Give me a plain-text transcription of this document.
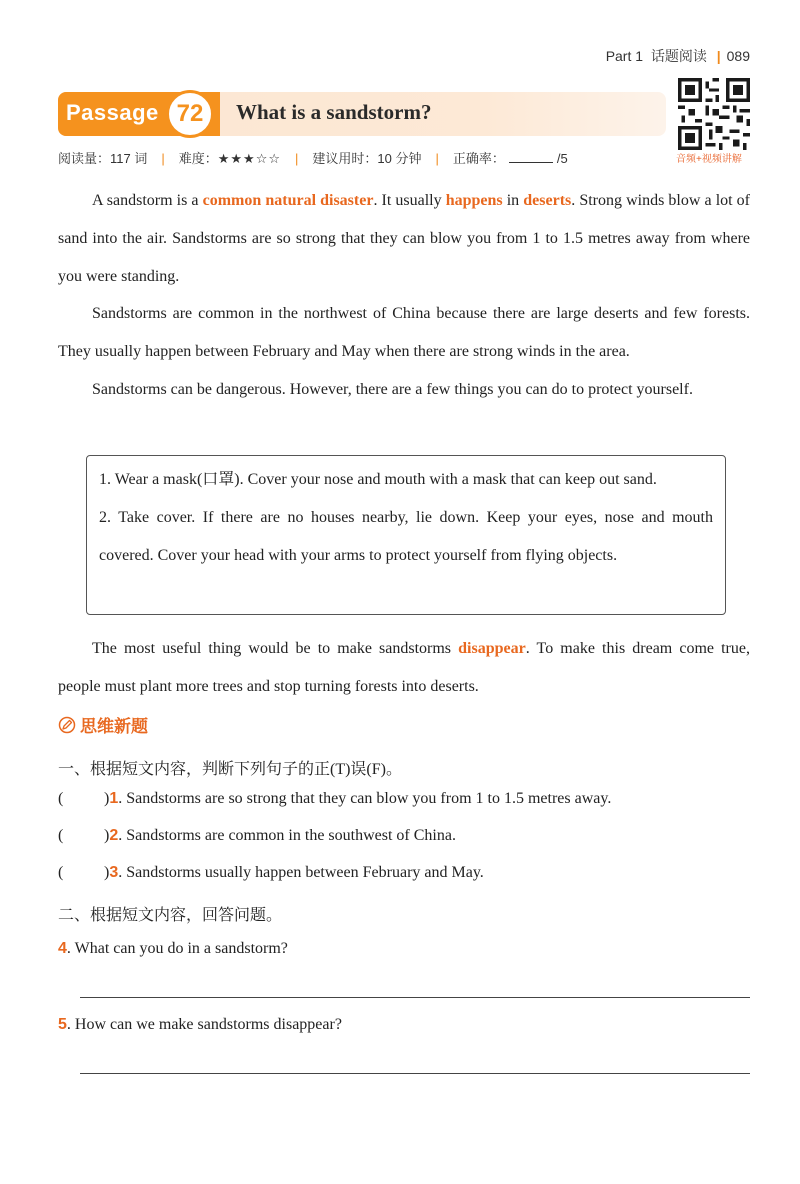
Part 1 话题阅读 | 089
Passage 72	What is a sandstorm?
音频+视频讲解
阅读量：117 词 | 难度：★★★☆☆ | 建议用时：10 分钟 | 正确率：	/5
A sandstorm is a common natural disaster. It usually happens in deserts. Strong winds blow a lot of sand into the air. Sandstorms are so strong that they can blow you from 1 to 1.5 metres away from where you were standing.
Sandstorms are common in the northwest of China because there are large deserts and few forests. They usually happen between February and May when there are strong winds in the area.
Sandstorms can be dangerous. However, there are a few things you can do to protect yourself.
1. Wear a mask(口罩). Cover your nose and mouth with a mask that can keep out sand.
2. Take cover. If there are no houses nearby, lie down. Keep your eyes, nose and mouth covered. Cover your head with your arms to protect yourself from flying objects.
The most useful thing would be to make sandstorms disappear. To make this dream come true, people must plant more trees and stop turning forests into deserts.
思维新题
一、根据短文内容，判断下列句子的正(T)误(F)。
(	)1. Sandstorms are so strong that they can blow you from 1 to 1.5 metres away.
(	)2. Sandstorms are common in the southwest of China.
(	)3. Sandstorms usually happen between February and May.
二、根据短文内容，回答问题。
4. What can you do in a sandstorm?
5. How can we make sandstorms disappear?
